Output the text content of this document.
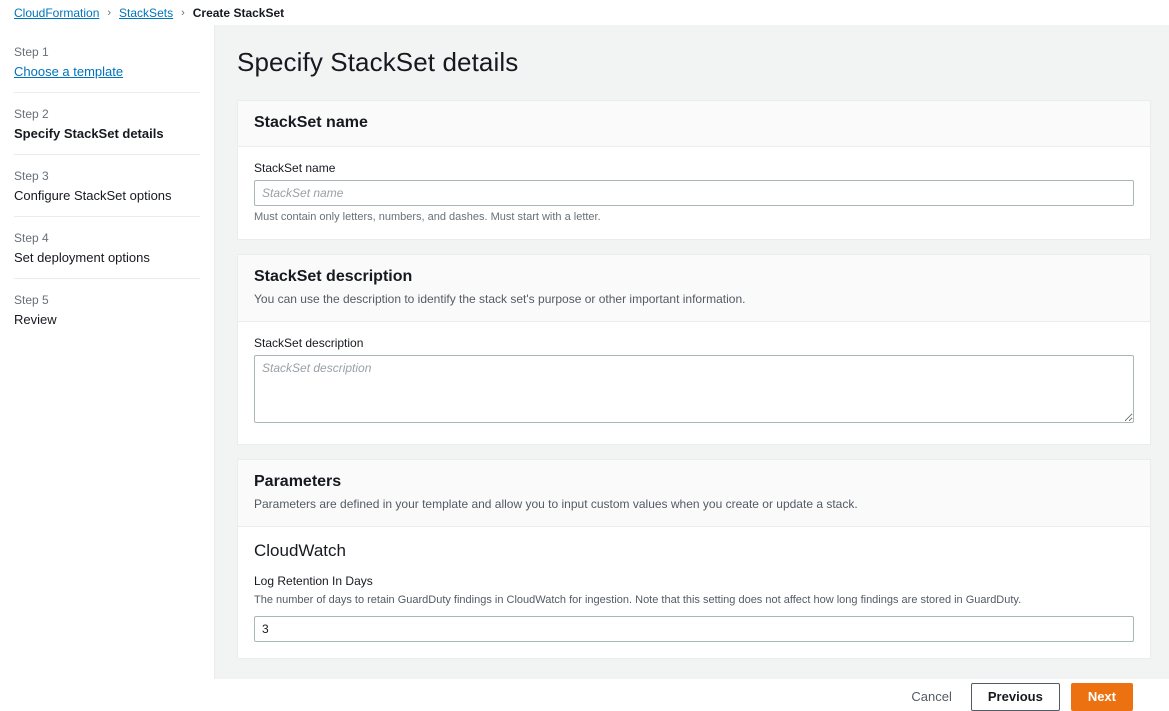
CloudFormation › StackSets › Create StackSet
Step 1
Choose a template
Step 2
Specify StackSet details
Step 3
Configure StackSet options
Step 4
Set deployment options
Step 5
Review
Specify StackSet details
StackSet name
StackSet name
StackSet name
Must contain only letters, numbers, and dashes. Must start with a letter.
StackSet description

You can use the description to identify the stack set's purpose or other important information.

StackSet description
StackSet description
Parameters

Parameters are defined in your template and allow you to input custom values when you create or update a stack.

CloudWatch
Log Retention In Days
The number of days to retain GuardDuty findings in CloudWatch for ingestion. Note that this setting does not affect how long findings are stored in GuardDuty.
3
Cancel	Previous	Next
